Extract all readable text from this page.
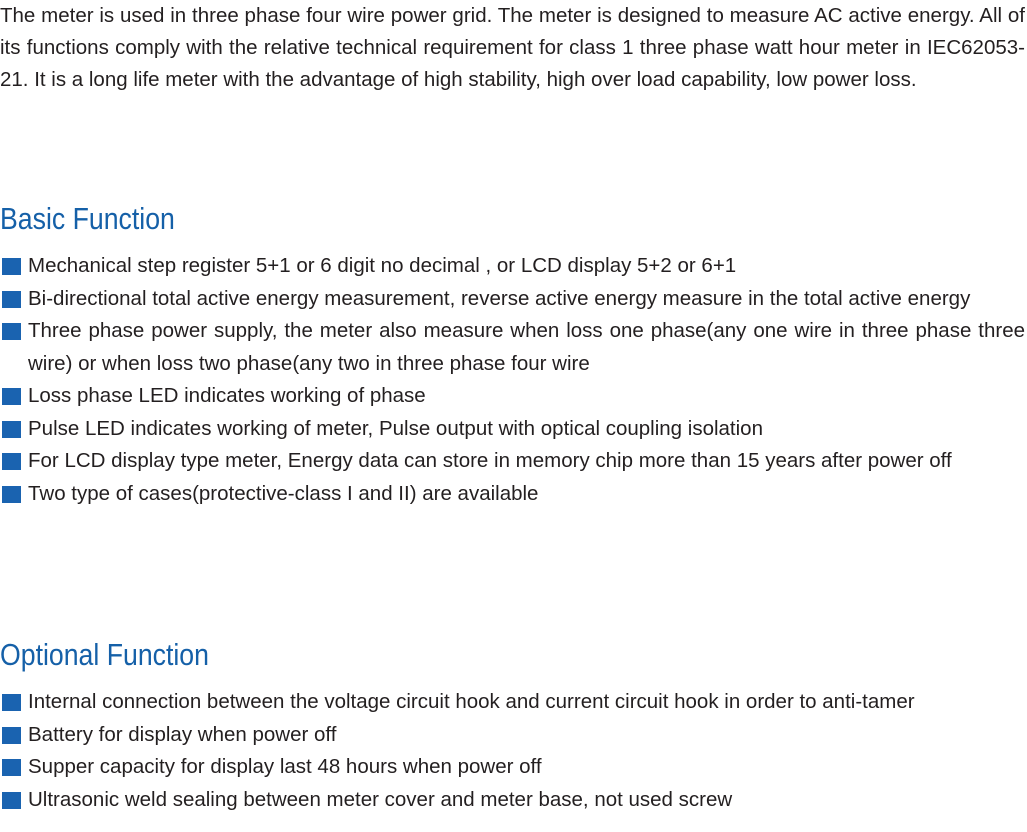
The meter is used in three phase four wire power grid. The meter is designed to measure AC active energy. All of its functions comply with the relative technical requirement for class 1 three phase watt hour meter in IEC62053-21. It is a long life meter with the advantage of high stability, high over load capability, low power loss.

Basic Function
Mechanical step register 5+1 or 6 digit no decimal , or LCD display 5+2 or 6+1
Bi-directional total active energy measurement, reverse active energy measure in the total active energy
Three phase power supply, the meter also measure when loss one phase(any one wire in three phase three wire) or when loss two phase(any two in three phase four wire
Loss phase LED indicates working of phase
Pulse LED indicates working of meter, Pulse output with optical coupling isolation
For LCD display type meter, Energy data can store in memory chip more than 15 years after power off
Two type of cases(protective-class I and II) are available
Optional Function
Internal connection between the voltage circuit hook and current circuit hook in order to anti-tamer
Battery for display when power off
Supper capacity for display last 48 hours when power off
Ultrasonic weld sealing between meter cover and meter base, not used screw
